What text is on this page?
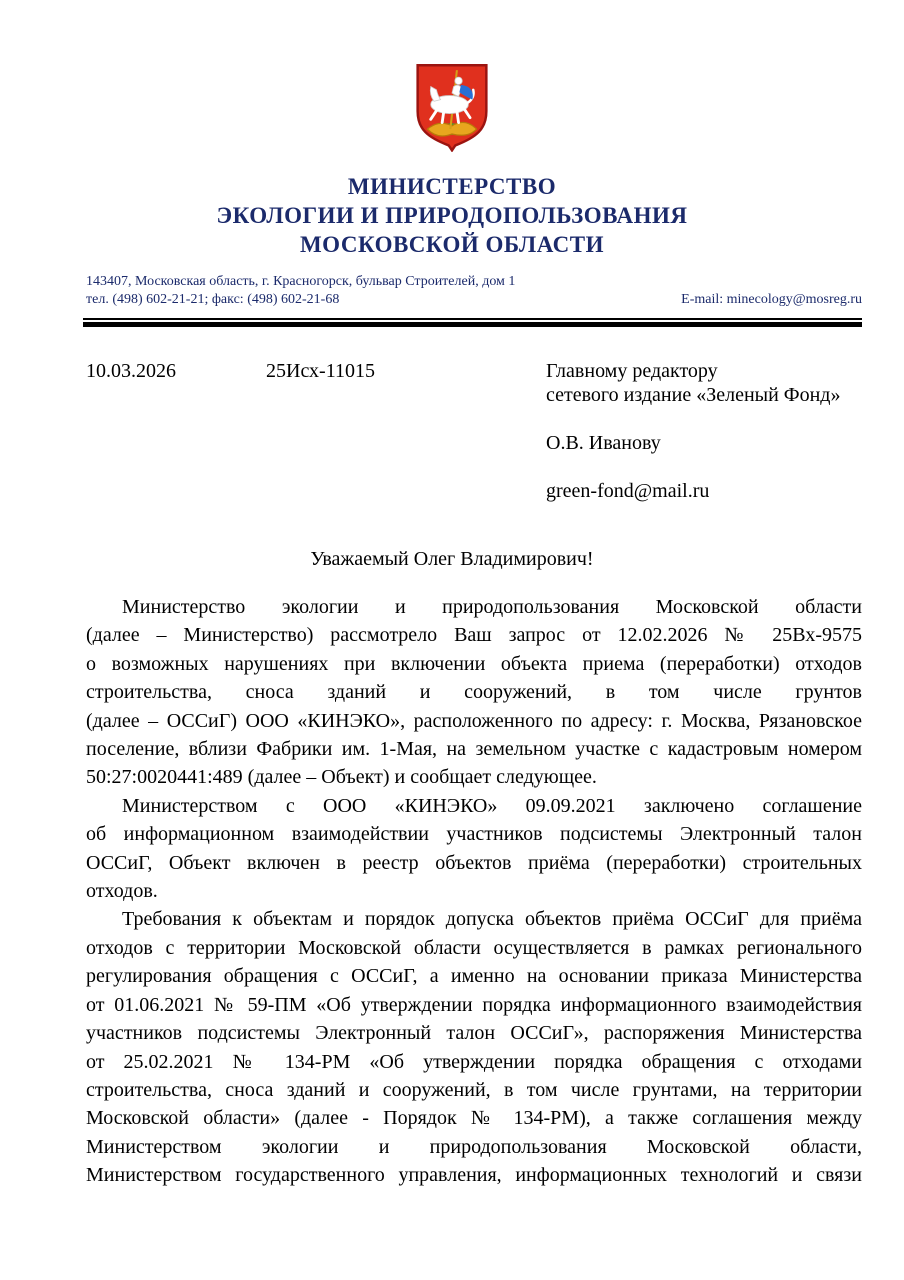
МИНИСТЕРСТВО
ЭКОЛОГИИ И ПРИРОДОПОЛЬЗОВАНИЯ
МОСКОВСКОЙ ОБЛАСТИ
143407, Московская область, г. Красногорск, бульвар Строителей, дом 1
тел. (498) 602-21-21; факс: (498) 602-21-68	E-mail: minecology@mosreg.ru
10.03.2026	25Исх-11015	Главному редактору
сетевого издание «Зеленый Фонд»
О.В. Иванову
green-fond@mail.ru
Уважаемый Олег Владимирович!
Министерство экологии и природопользования Московской области
(далее – Министерство) рассмотрело Ваш запрос от 12.02.2026 № 25Вх-9575
о возможных нарушениях при включении объекта приема (переработки) отходов
строительства, сноса зданий и сооружений, в том числе грунтов
(далее – ОССиГ) ООО «КИНЭКО», расположенного по адресу: г. Москва, Рязановское
поселение, вблизи Фабрики им. 1-Мая, на земельном участке с кадастровым номером
50:27:0020441:489 (далее – Объект) и сообщает следующее.
Министерством с ООО «КИНЭКО» 09.09.2021 заключено соглашение
об информационном взаимодействии участников подсистемы Электронный талон
ОССиГ, Объект включен в реестр объектов приёма (переработки) строительных
отходов.
Требования к объектам и порядок допуска объектов приёма ОССиГ для приёма
отходов с территории Московской области осуществляется в рамках регионального
регулирования обращения с ОССиГ, а именно на основании приказа Министерства
от 01.06.2021 № 59-ПМ «Об утверждении порядка информационного взаимодействия
участников подсистемы Электронный талон ОССиГ», распоряжения Министерства
от 25.02.2021 № 134-РМ «Об утверждении порядка обращения с отходами
строительства, сноса зданий и сооружений, в том числе грунтами, на территории
Московской области» (далее - Порядок № 134-РМ), а также соглашения между
Министерством экологии и природопользования Московской области,
Министерством государственного управления, информационных технологий и связи
